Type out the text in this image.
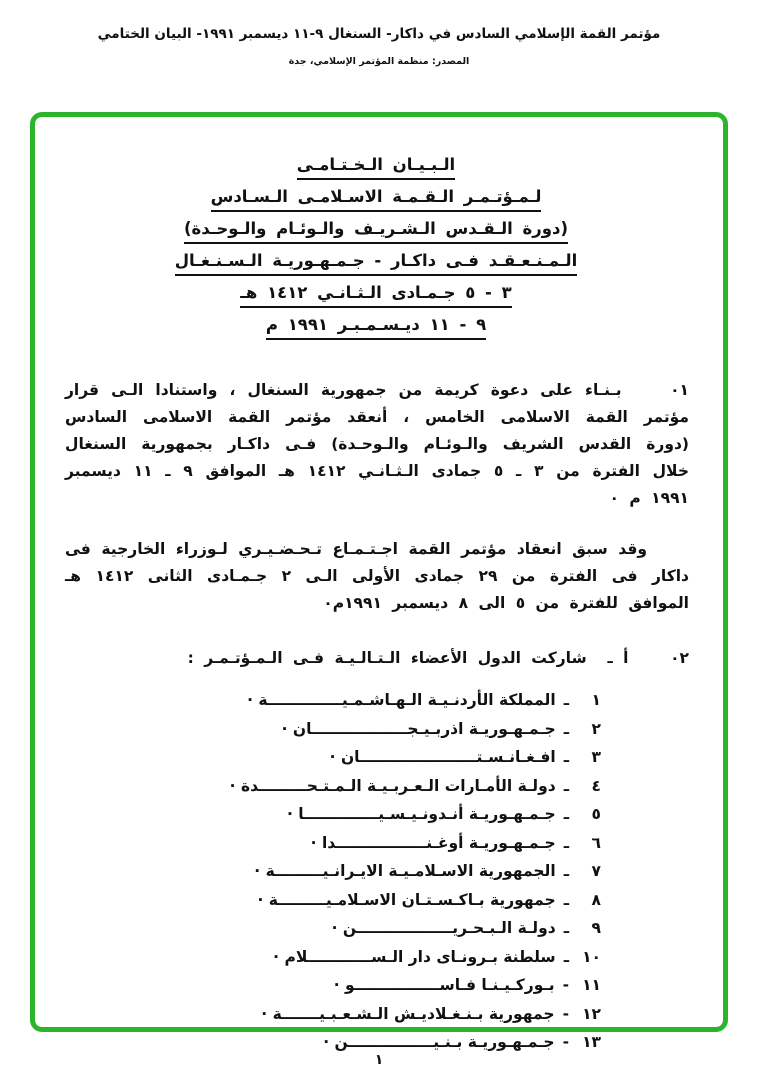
مؤتمر القمة الإسلامي السادس في داكار- السنغال ٩-١١ ديسمبر ١٩٩١- البيان الختامي
المصدر: منظمة المؤتمر الإسلامي، جدة
الـبـيـان الـخـتـامـى
لـمـؤتـمـر الـقـمـة الاسـلامـى الـسـادس
(دورة الـقـدس الـشـريـف والـوئـام والـوحـدة)
الـمـنـعـقـد فـى داكـار - جـمـهـوريـة الـسـنـغـال
٣ - ٥ جـمـادى الـثـانـي ١٤١٢ هـ
٩ - ١١ ديـسـمـبـر ١٩٩١ م

٠١    بـنـاء على دعوة كريمة من جمهورية السنغال ، واستنادا الـى قرار مؤتمر القمة الاسلامى الخامس ، أنعقد مؤتمر القمة الاسلامى السادس (دورة القدس الشريف والـوئـام والـوحـدة) فـى داكـار بجمهورية السنغال خلال الفترة من ٣ ـ ٥ جمادى الـثـانـي ١٤١٢ هـ الموافق ٩ ـ ١١ ديسمبر ١٩٩١ م ٠

وقد سبق انعقاد مؤتمر القمة اجـتـمـاع تـحـضـيـري لـوزراء الخارجية فى داكار فى الفترة من ٢٩ جمادى الأولى الـى ٢ جـمـادى الثانى ١٤١٢ هـ الموافق للفترة من ٥ الى ٨ ديسمبر ١٩٩١م٠

٠٢    أ ـ  شاركت الدول الأعضاء الـتـالـيـة فـى الـمـؤتـمـر :

١
ـ
المملكة الأردنـيـة الـهـاشـمـيــــــــــــــة ·
٢
ـ
جـمـهـوريـة اذربـيـجــــــــــــــــــان ·
٣
ـ
افـغـانـسـتــــــــــــــــــــــان ·
٤
ـ
دولـة الأمـارات الـعـربـيـة الـمـتـحـــــــــدة ·
٥
ـ
جـمـهـوريـة أنـدونـيـسـيــــــــــــــا ·
٦
ـ
جـمـهـوريـة أوغـنـــــــــــــــــدا ·
٧
ـ
الجمهورية الاسـلامـيـة الايـرانـيـــــــــة ·
٨
ـ
جمهورية بـاكـسـتـان الاسـلامـيـــــــــة ·
٩
ـ
دولـة الـبـحـريــــــــــــــــــن ·
١٠
ـ
سلطنة بـرونـاى دار الـســــــــــــلام ·
١١
-
بـوركـيـنـا فـاســــــــــــــــو ·
١٢
-
جمهورية بـنـغـلاديـش الـشـعـبـيـــــــة ·
١٣
-
جـمـهـوريـة بـنـيــــــــــــــــن ·
١
